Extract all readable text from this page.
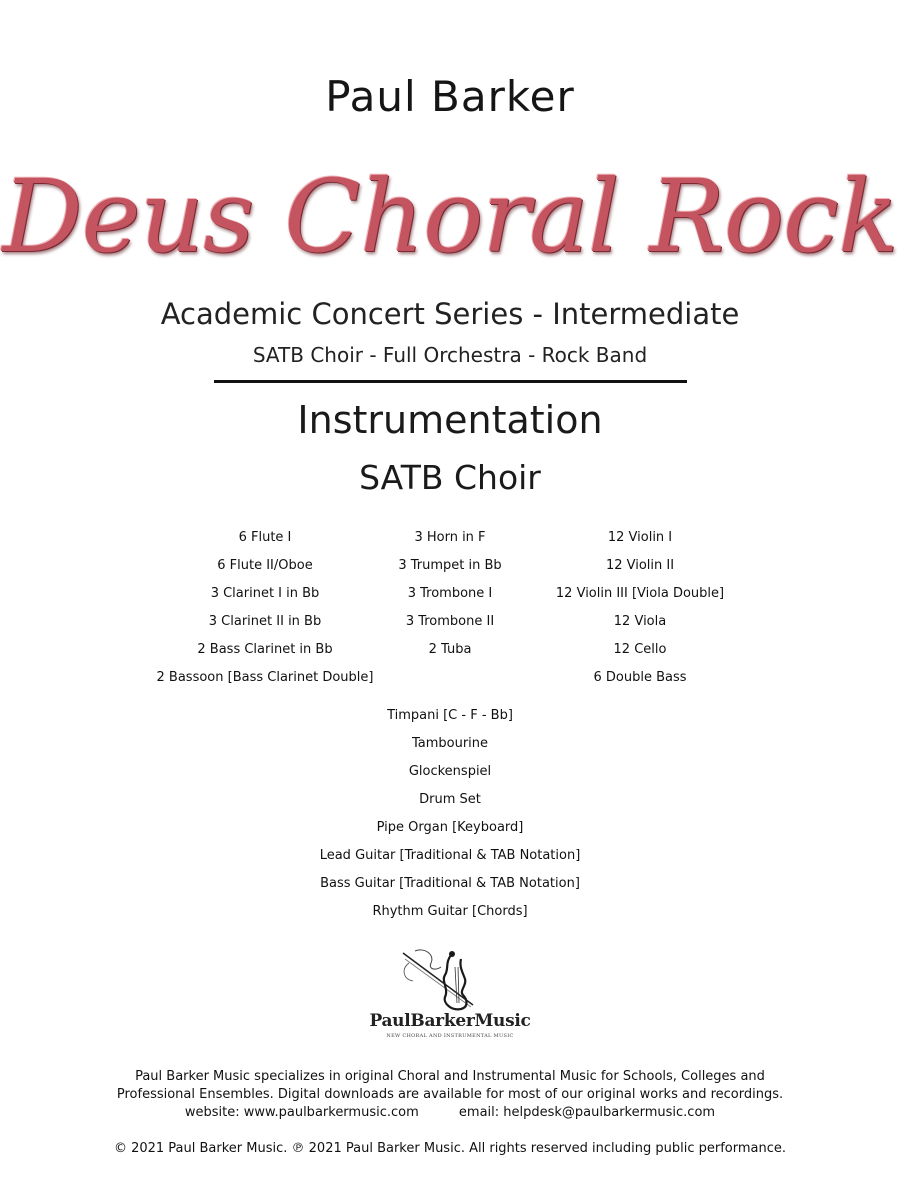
Paul Barker
Deus Choral Rock
Academic Concert Series - Intermediate
SATB Choir - Full Orchestra - Rock Band
Instrumentation
SATB Choir
6 Flute I
6 Flute II/Oboe
3 Clarinet I in Bb
3 Clarinet II in Bb
2 Bass Clarinet in Bb
2 Bassoon [Bass Clarinet Double]
3 Horn in F
3 Trumpet in Bb
3 Trombone I
3 Trombone II
2 Tuba
12 Violin I
12 Violin II
12 Violin III [Viola Double]
12 Viola
12 Cello
6 Double Bass
Timpani [C - F - Bb]
Tambourine
Glockenspiel
Drum Set
Pipe Organ [Keyboard]
Lead Guitar [Traditional & TAB Notation]
Bass Guitar [Traditional & TAB Notation]
Rhythm Guitar [Chords]
PaulBarkerMusic
NEW CHORAL AND INSTRUMENTAL MUSIC
Paul Barker Music specializes in original Choral and Instrumental Music for Schools, Colleges and
Professional Ensembles. Digital downloads are available for most of our original works and recordings.
website: www.paulbarkermusic.com	email: helpdesk@paulbarkermusic.com
© 2021 Paul Barker Music. ℗ 2021 Paul Barker Music. All rights reserved including public performance.
